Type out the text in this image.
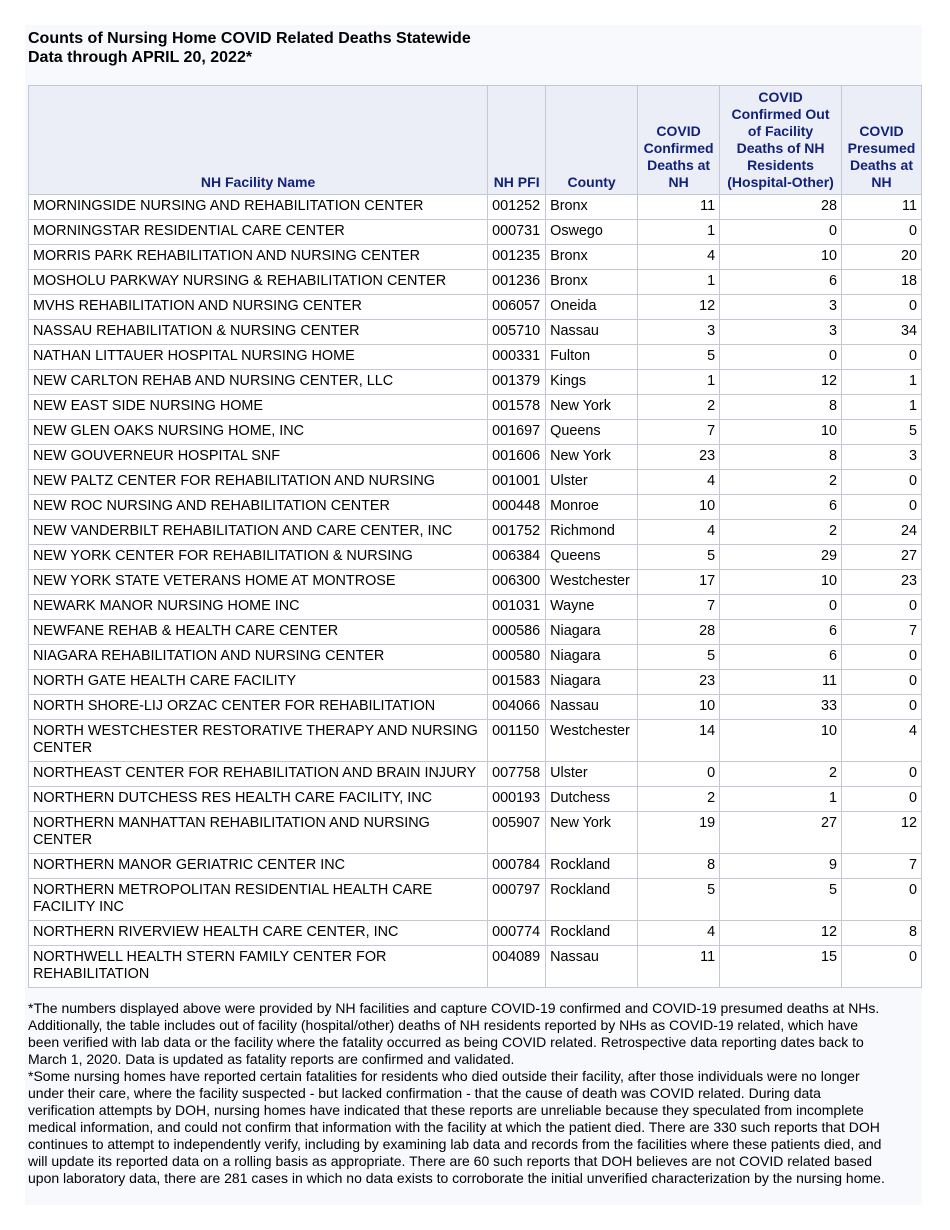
Counts of Nursing Home COVID Related Deaths Statewide
Data through APRIL 20, 2022*
NH Facility Name	NH PFI	County	COVID Confirmed Deaths at NH	COVID Confirmed Out of Facility Deaths of NH Residents (Hospital-Other)	COVID Presumed Deaths at NH
MORNINGSIDE NURSING AND REHABILITATION CENTER	001252	Bronx	11	28	11
MORNINGSTAR RESIDENTIAL CARE CENTER	000731	Oswego	1	0	0
MORRIS PARK REHABILITATION AND NURSING CENTER	001235	Bronx	4	10	20
MOSHOLU PARKWAY NURSING & REHABILITATION CENTER	001236	Bronx	1	6	18
MVHS REHABILITATION AND NURSING CENTER	006057	Oneida	12	3	0
NASSAU REHABILITATION & NURSING CENTER	005710	Nassau	3	3	34
NATHAN LITTAUER HOSPITAL NURSING HOME	000331	Fulton	5	0	0
NEW CARLTON REHAB AND NURSING CENTER, LLC	001379	Kings	1	12	1
NEW EAST SIDE NURSING HOME	001578	New York	2	8	1
NEW GLEN OAKS NURSING HOME, INC	001697	Queens	7	10	5
NEW GOUVERNEUR HOSPITAL SNF	001606	New York	23	8	3
NEW PALTZ CENTER FOR REHABILITATION AND NURSING	001001	Ulster	4	2	0
NEW ROC NURSING AND REHABILITATION CENTER	000448	Monroe	10	6	0
NEW VANDERBILT REHABILITATION AND CARE CENTER, INC	001752	Richmond	4	2	24
NEW YORK CENTER FOR REHABILITATION & NURSING	006384	Queens	5	29	27
NEW YORK STATE VETERANS HOME AT MONTROSE	006300	Westchester	17	10	23
NEWARK MANOR NURSING HOME INC	001031	Wayne	7	0	0
NEWFANE REHAB & HEALTH CARE CENTER	000586	Niagara	28	6	7
NIAGARA REHABILITATION AND NURSING CENTER	000580	Niagara	5	6	0
NORTH GATE HEALTH CARE FACILITY	001583	Niagara	23	11	0
NORTH SHORE-LIJ ORZAC CENTER FOR REHABILITATION	004066	Nassau	10	33	0
NORTH WESTCHESTER RESTORATIVE THERAPY AND NURSING CENTER	001150	Westchester	14	10	4
NORTHEAST CENTER FOR REHABILITATION AND BRAIN INJURY	007758	Ulster	0	2	0
NORTHERN DUTCHESS RES HEALTH CARE FACILITY, INC	000193	Dutchess	2	1	0
NORTHERN MANHATTAN REHABILITATION AND NURSING CENTER	005907	New York	19	27	12
NORTHERN MANOR GERIATRIC CENTER INC	000784	Rockland	8	9	7
NORTHERN METROPOLITAN RESIDENTIAL HEALTH CARE FACILITY INC	000797	Rockland	5	5	0
NORTHERN RIVERVIEW HEALTH CARE CENTER, INC	000774	Rockland	4	12	8
NORTHWELL HEALTH STERN FAMILY CENTER FOR REHABILITATION	004089	Nassau	11	15	0

*The numbers displayed above were provided by NH facilities and capture COVID-19 confirmed and COVID-19 presumed deaths at NHs. Additionally, the table includes out of facility (hospital/other) deaths of NH residents reported by NHs as COVID-19 related, which have been verified with lab data or the facility where the fatality occurred as being COVID related. Retrospective data reporting dates back to March 1, 2020. Data is updated as fatality reports are confirmed and validated.

*Some nursing homes have reported certain fatalities for residents who died outside their facility, after those individuals were no longer under their care, where the facility suspected - but lacked confirmation - that the cause of death was COVID related. During data verification attempts by DOH, nursing homes have indicated that these reports are unreliable because they speculated from incomplete medical information, and could not confirm that information with the facility at which the patient died. There are 330 such reports that DOH continues to attempt to independently verify, including by examining lab data and records from the facilities where these patients died, and will update its reported data on a rolling basis as appropriate. There are 60 such reports that DOH believes are not COVID related based upon laboratory data, there are 281 cases in which no data exists to corroborate the initial unverified characterization by the nursing home.
